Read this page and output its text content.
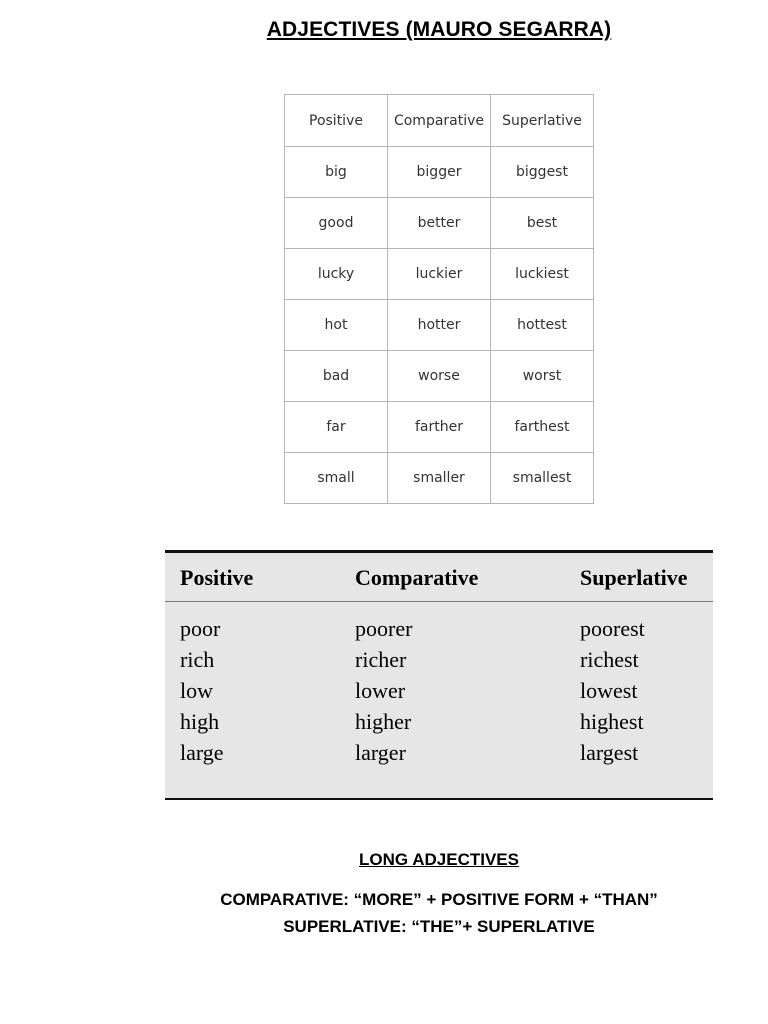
ADJECTIVES (MAURO SEGARRA)
Positive	Comparative	Superlative
big	bigger	biggest
good	better	best
lucky	luckier	luckiest
hot	hotter	hottest
bad	worse	worst
far	farther	farthest
small	smaller	smallest
Positive	Comparative	Superlative
poor	poorer	poorest
rich	richer	richest
low	lower	lowest
high	higher	highest
large	larger	largest
LONG ADJECTIVES
COMPARATIVE: “MORE” + POSITIVE FORM + “THAN”
SUPERLATIVE: “THE”+ SUPERLATIVE
